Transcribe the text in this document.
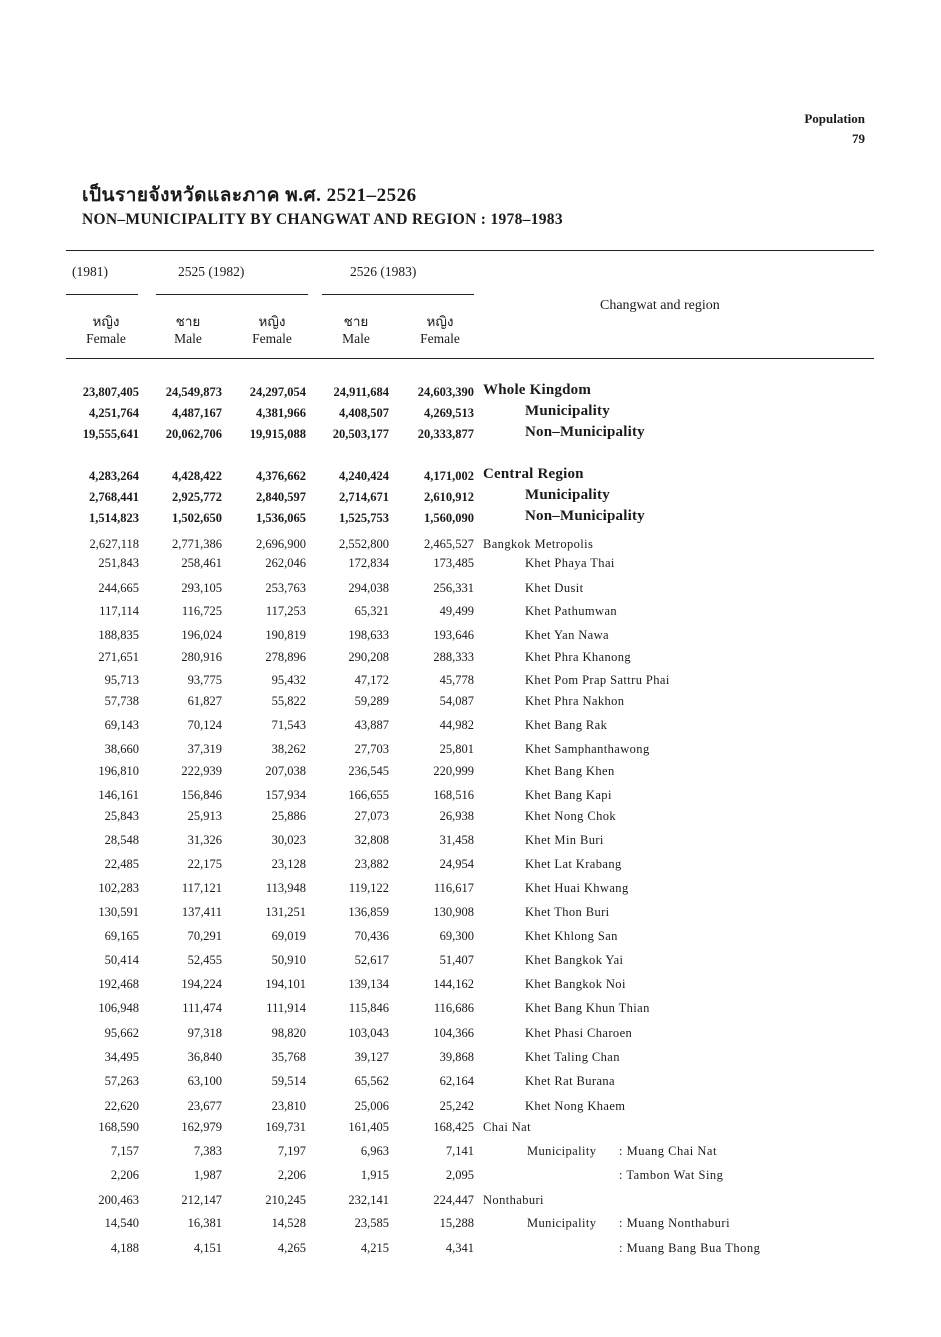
Population
79
เป็นรายจังหวัดและภาค พ.ศ. 2521–2526
NON–MUNICIPALITY BY CHANGWAT AND REGION : 1978–1983
(1981)	2525 (1982)	2526 (1983)
หญิง
Female
ชาย
Male
หญิง
Female
ชาย
Male
หญิง
Female
Changwat and region
23,807,405 24,549,873 24,297,054 24,911,684 24,603,390 Whole Kingdom
4,251,764	4,487,167	4,381,966	4,408,507	4,269,513	Municipality
19,555,641 20,062,706 19,915,088 20,503,177 20,333,877	Non–Municipality
4,283,264	4,428,422	4,376,662	4,240,424	4,171,002 Central Region
2,768,441	2,925,772	2,840,597	2,714,671	2,610,912	Municipality
1,514,823	1,502,650	1,536,065	1,525,753	1,560,090	Non–Municipality
2,627,118	2,771,386	2,696,900	2,552,800	2,465,527 Bangkok Metropolis
251,843	258,461	262,046	172,834	173,485	Khet Phaya Thai
244,665	293,105	253,763	294,038	256,331	Khet Dusit
117,114	116,725	117,253	65,321	49,499	Khet Pathumwan
188,835	196,024	190,819	198,633	193,646	Khet Yan Nawa
271,651	280,916	278,896	290,208	288,333	Khet Phra Khanong
95,713	93,775	95,432	47,172	45,778	Khet Pom Prap Sattru Phai
57,738	61,827	55,822	59,289	54,087	Khet Phra Nakhon
69,143	70,124	71,543	43,887	44,982	Khet Bang Rak
38,660	37,319	38,262	27,703	25,801	Khet Samphanthawong
196,810	222,939	207,038	236,545	220,999	Khet Bang Khen
146,161	156,846	157,934	166,655	168,516	Khet Bang Kapi
25,843	25,913	25,886	27,073	26,938	Khet Nong Chok
28,548	31,326	30,023	32,808	31,458	Khet Min Buri
22,485	22,175	23,128	23,882	24,954	Khet Lat Krabang
102,283	117,121	113,948	119,122	116,617	Khet Huai Khwang
130,591	137,411	131,251	136,859	130,908	Khet Thon Buri
69,165	70,291	69,019	70,436	69,300	Khet Khlong San
50,414	52,455	50,910	52,617	51,407	Khet Bangkok Yai
192,468	194,224	194,101	139,134	144,162	Khet Bangkok Noi
106,948	111,474	111,914	115,846	116,686	Khet Bang Khun Thian
95,662	97,318	98,820	103,043	104,366	Khet Phasi Charoen
34,495	36,840	35,768	39,127	39,868	Khet Taling Chan
57,263	63,100	59,514	65,562	62,164	Khet Rat Burana
22,620	23,677	23,810	25,006	25,242	Khet Nong Khaem
168,590	162,979	169,731	161,405	168,425 Chai Nat
7,157	7,383	7,197	6,963	7,141	Municipality : Muang Chai Nat
2,206	1,987	2,206	1,915	2,095	: Tambon Wat Sing
200,463	212,147	210,245	232,141	224,447 Nonthaburi
14,540	16,381	14,528	23,585	15,288	Municipality : Muang Nonthaburi
4,188	4,151	4,265	4,215	4,341	: Muang Bang Bua Thong
